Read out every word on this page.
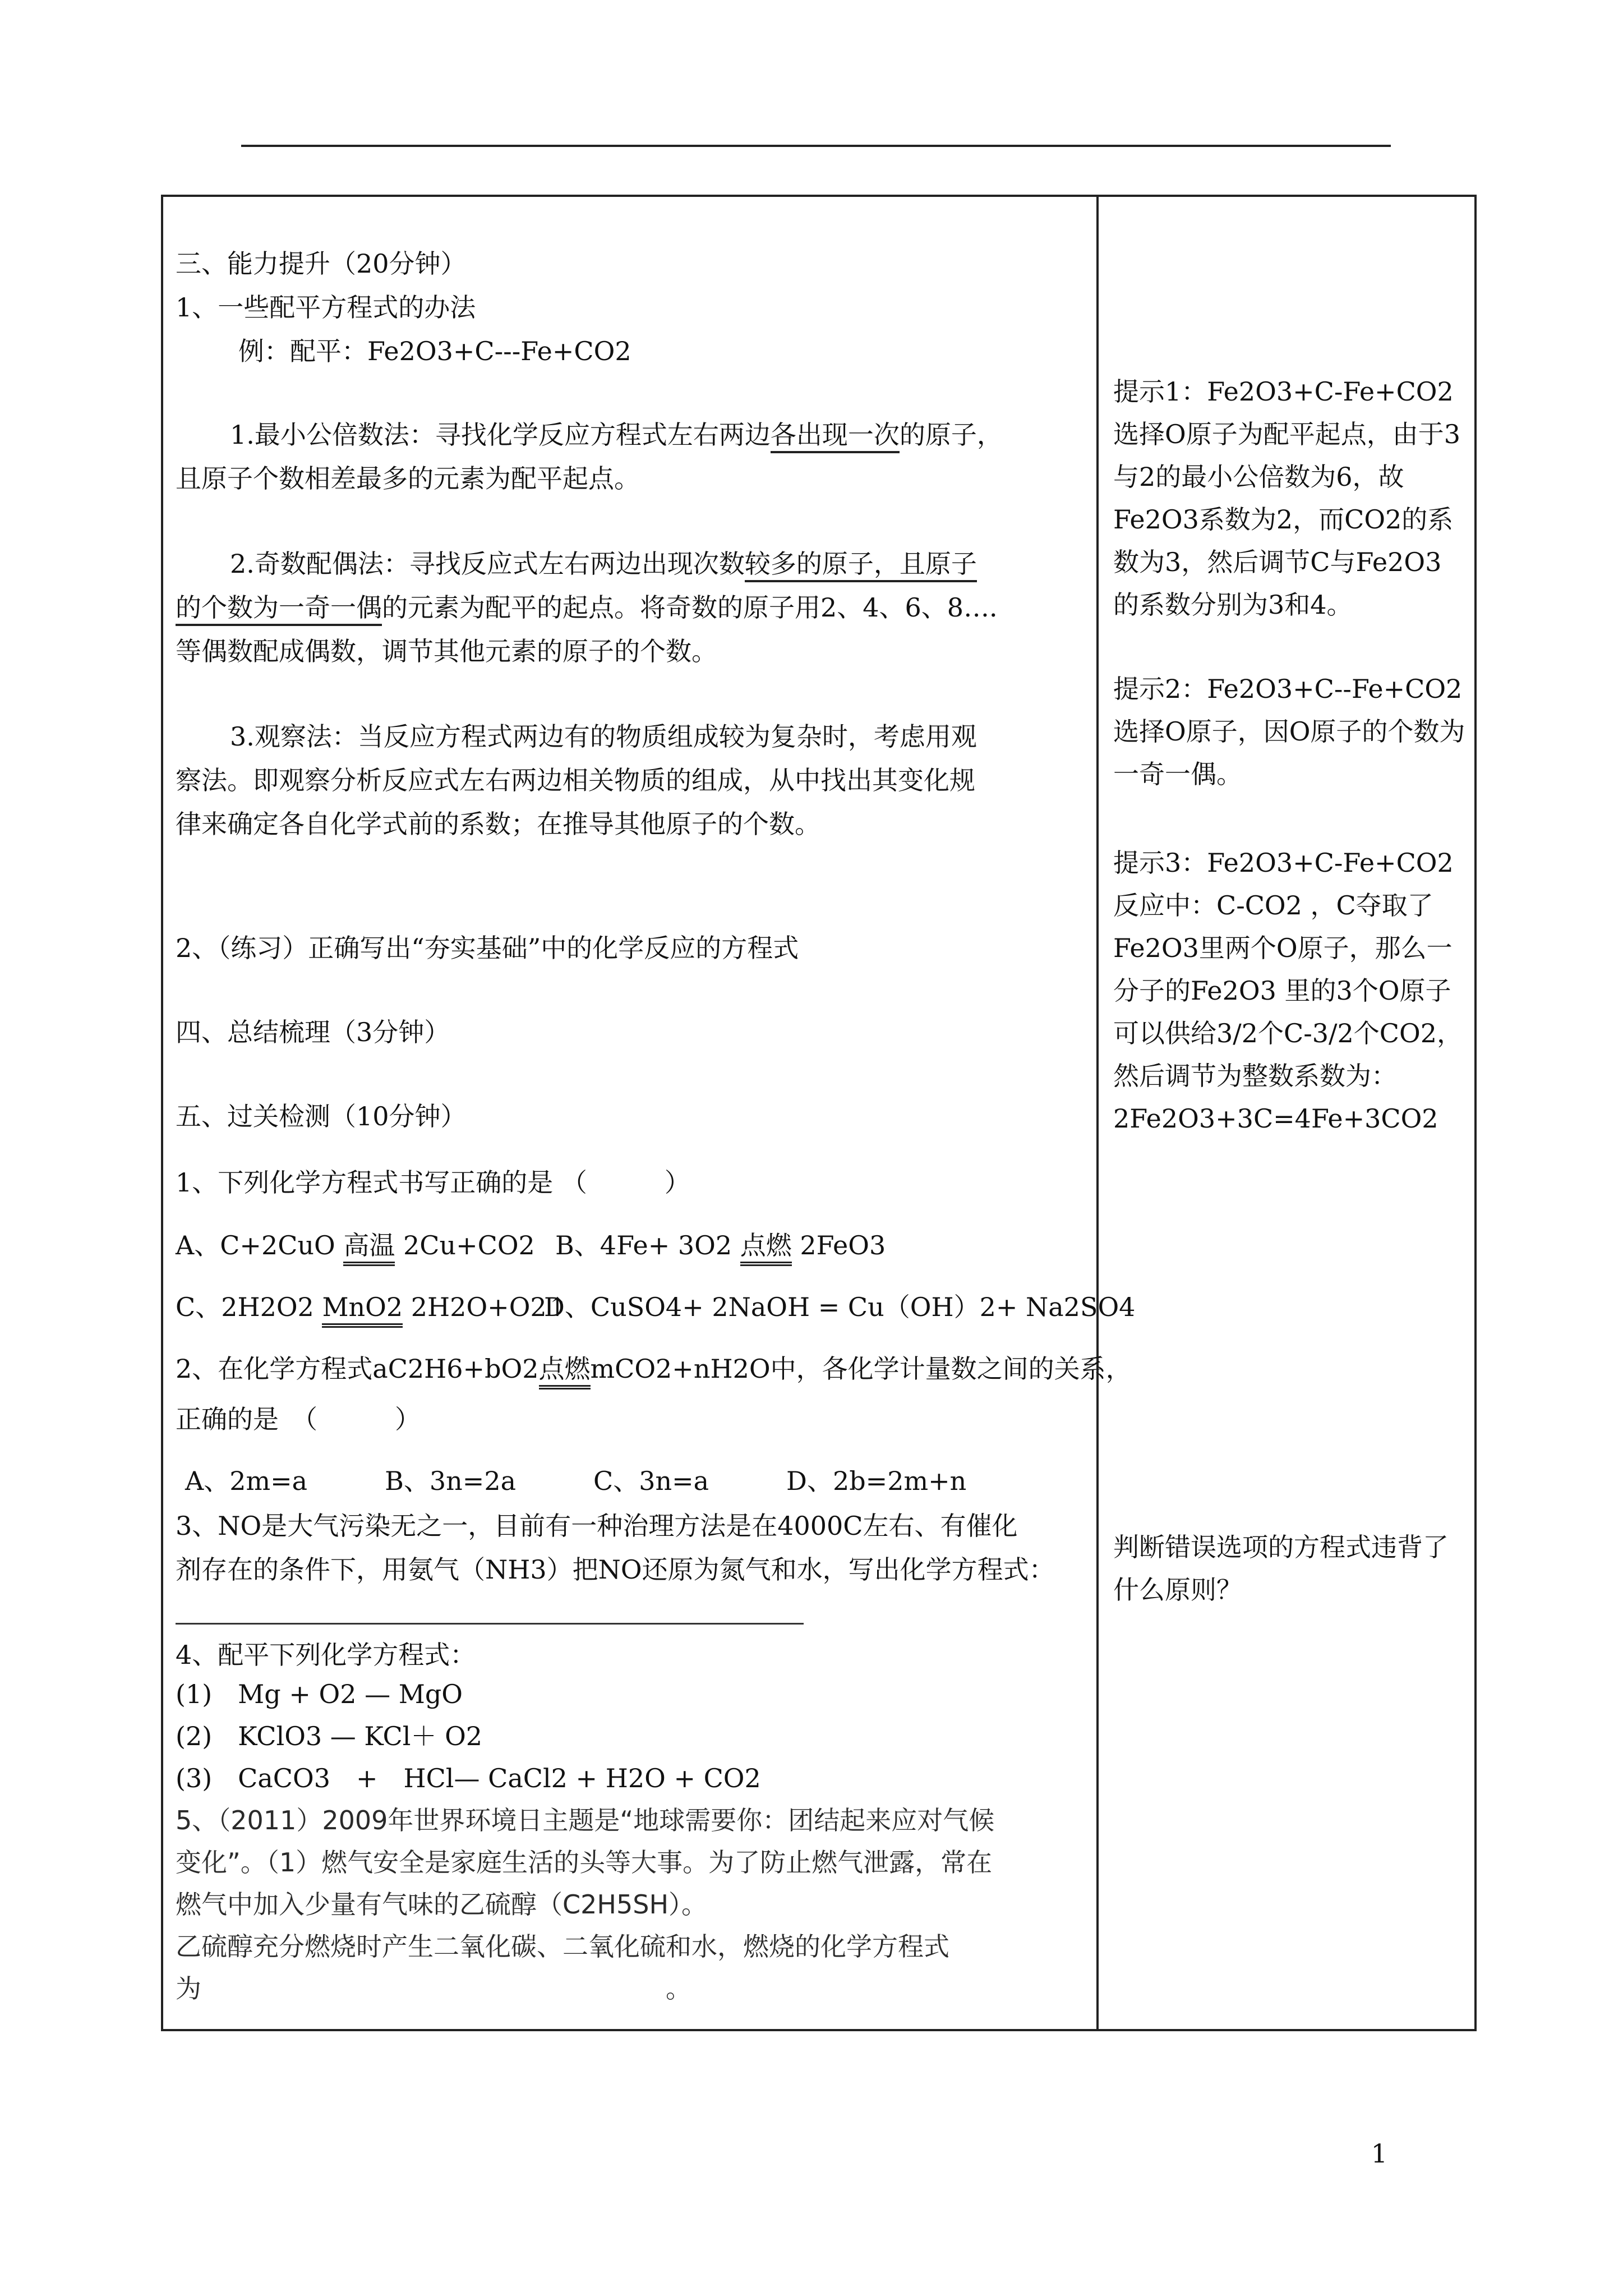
三、能力提升（20分钟）
1、一些配平方程式的办法
例：配平：Fe2O3+C---Fe+CO2
1.最小公倍数法：寻找化学反应方程式左右两边各出现一次的原子，
且原子个数相差最多的元素为配平起点。
2.奇数配偶法：寻找反应式左右两边出现次数较多的原子，且原子
的个数为一奇一偶的元素为配平的起点。将奇数的原子用2、4、6、8…．
等偶数配成偶数，调节其他元素的原子的个数。
3.观察法：当反应方程式两边有的物质组成较为复杂时，考虑用观
察法。即观察分析反应式左右两边相关物质的组成，从中找出其变化规
律来确定各自化学式前的系数；在推导其他原子的个数。
2、（练习）正确写出“夯实基础”中的化学反应的方程式
四、总结梳理（3分钟）
五、过关检测（10分钟）
1、下列化学方程式书写正确的是 （　　　）
A、C+2CuO 高温 2Cu+CO2 B、4Fe+ 3O2 点燃 2FeO3
C、2H2O2 MnO2 2H2O+O2↑
D、CuSO4+ 2NaOH = Cu（OH）2+ Na2SO4
2、在化学方程式aC2H6+bO2点燃mCO2+nH2O中，各化学计量数之间的关系，
正确的是　（　　　）
A、2m=a　　　B、3n=2a　　　C、3n=a　　　D、2b=2m+n
3、NO是大气污染无之一，目前有一种治理方法是在4000C左右、有催化
剂存在的条件下，用氨气（NH3）把NO还原为氮气和水，写出化学方程式：
4、配平下列化学方程式：
(1)　Mg + O2 — MgO
(2)　KClO3 — KCl＋ O2
(3)　CaCO3　+　HCl— CaCl2 + H2O + CO2
5、（2011）2009年世界环境日主题是“地球需要你：团结起来应对气候
变化”。（1）燃气安全是家庭生活的头等大事。为了防止燃气泄露，常在
燃气中加入少量有气味的乙硫醇（C2H5SH）。
乙硫醇充分燃烧时产生二氧化碳、二氧化硫和水，燃烧的化学方程式
为　　　　　　　　　　　　　　　　　　。
提示1：Fe2O3+C-Fe+CO2 选择O原子为配平起点，由于3与2的最小公倍数为6，故Fe2O3系数为2，而CO2的系数为3，然后调节C与Fe2O3的系数分别为3和4。
提示2：Fe2O3+C--Fe+CO2 选择O原子，因O原子的个数为一奇一偶。
提示3：Fe2O3+C-Fe+CO2 反应中：C-CO2 ，C夺取了Fe2O3里两个O原子，那么一分子的Fe2O3 里的3个O原子可以供给3/2个C-3/2个CO2，然后调节为整数系数为：2Fe2O3+3C=4Fe+3CO2
判断错误选项的方程式违背了什么原则？
1
